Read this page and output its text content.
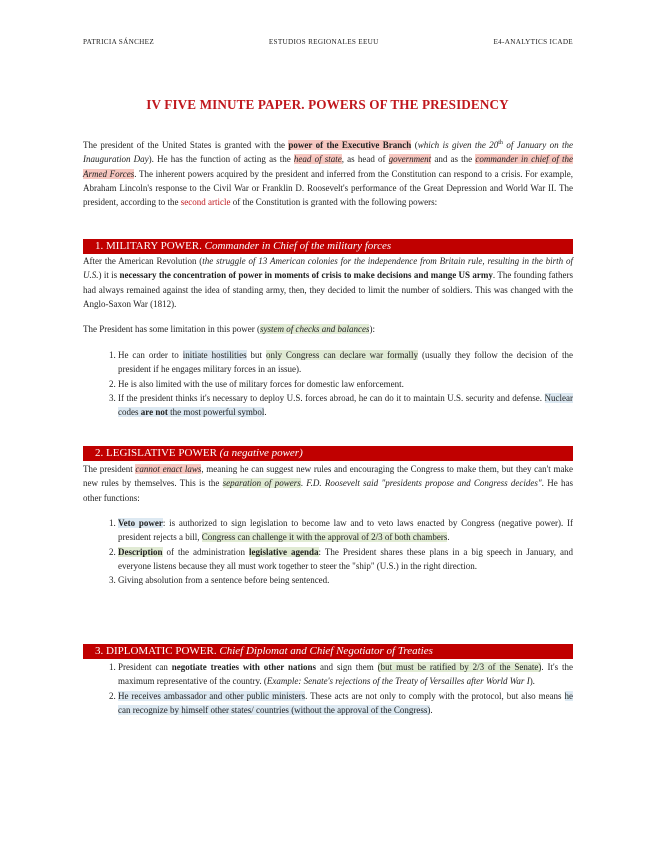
PATRICIA SÁNCHEZ	ESTUDIOS REGIONALES EEUU	E4-ANALYTICS ICADE
IV FIVE MINUTE PAPER. POWERS OF THE PRESIDENCY

The president of the United States is granted with the power of the Executive Branch (which is given the 20th of January on the Inauguration Day). He has the function of acting as the head of state, as head of government and as the commander in chief of the Armed Forces. The inherent powers acquired by the president and inferred from the Constitution can respond to a crisis. For example, Abraham Lincoln's response to the Civil War or Franklin D. Roosevelt's performance of the Great Depression and World War II. The president, according to the second article of the Constitution is granted with the following powers:

1. MILITARY POWER. Commander in Chief of the military forces

After the American Revolution (the struggle of 13 American colonies for the independence from Britain rule, resulting in the birth of U.S.) it is necessary the concentration of power in moments of crisis to make decisions and mange US army. The founding fathers had always remained against the idea of standing army, then, they decided to limit the number of soldiers. This was changed with the Anglo-Saxon War (1812).

The President has some limitation in this power (system of checks and balances):

1. He can order to initiate hostilities but only Congress can declare war formally (usually they follow the decision of the president if he engages military forces in an issue).
2. He is also limited with the use of military forces for domestic law enforcement.
3. If the president thinks it's necessary to deploy U.S. forces abroad, he can do it to maintain U.S. security and defense. Nuclear codes are not the most powerful symbol.
2. LEGISLATIVE POWER (a negative power)

The president cannot enact laws, meaning he can suggest new rules and encouraging the Congress to make them, but they can't make new rules by themselves. This is the separation of powers. F.D. Roosevelt said "presidents propose and Congress decides". He has other functions:

1. Veto power: is authorized to sign legislation to become law and to veto laws enacted by Congress (negative power). If president rejects a bill, Congress can challenge it with the approval of 2/3 of both chambers.
2. Description of the administration legislative agenda: The President shares these plans in a big speech in January, and everyone listens because they all must work together to steer the "ship" (U.S.) in the right direction.
3. Giving absolution from a sentence before being sentenced.
3. DIPLOMATIC POWER. Chief Diplomat and Chief Negotiator of Treaties
1. President can negotiate treaties with other nations and sign them (but must be ratified by 2/3 of the Senate). It's the maximum representative of the country. (Example: Senate's rejections of the Treaty of Versailles after World War I).
2. He receives ambassador and other public ministers. These acts are not only to comply with the protocol, but also means he can recognize by himself other states/ countries (without the approval of the Congress).
